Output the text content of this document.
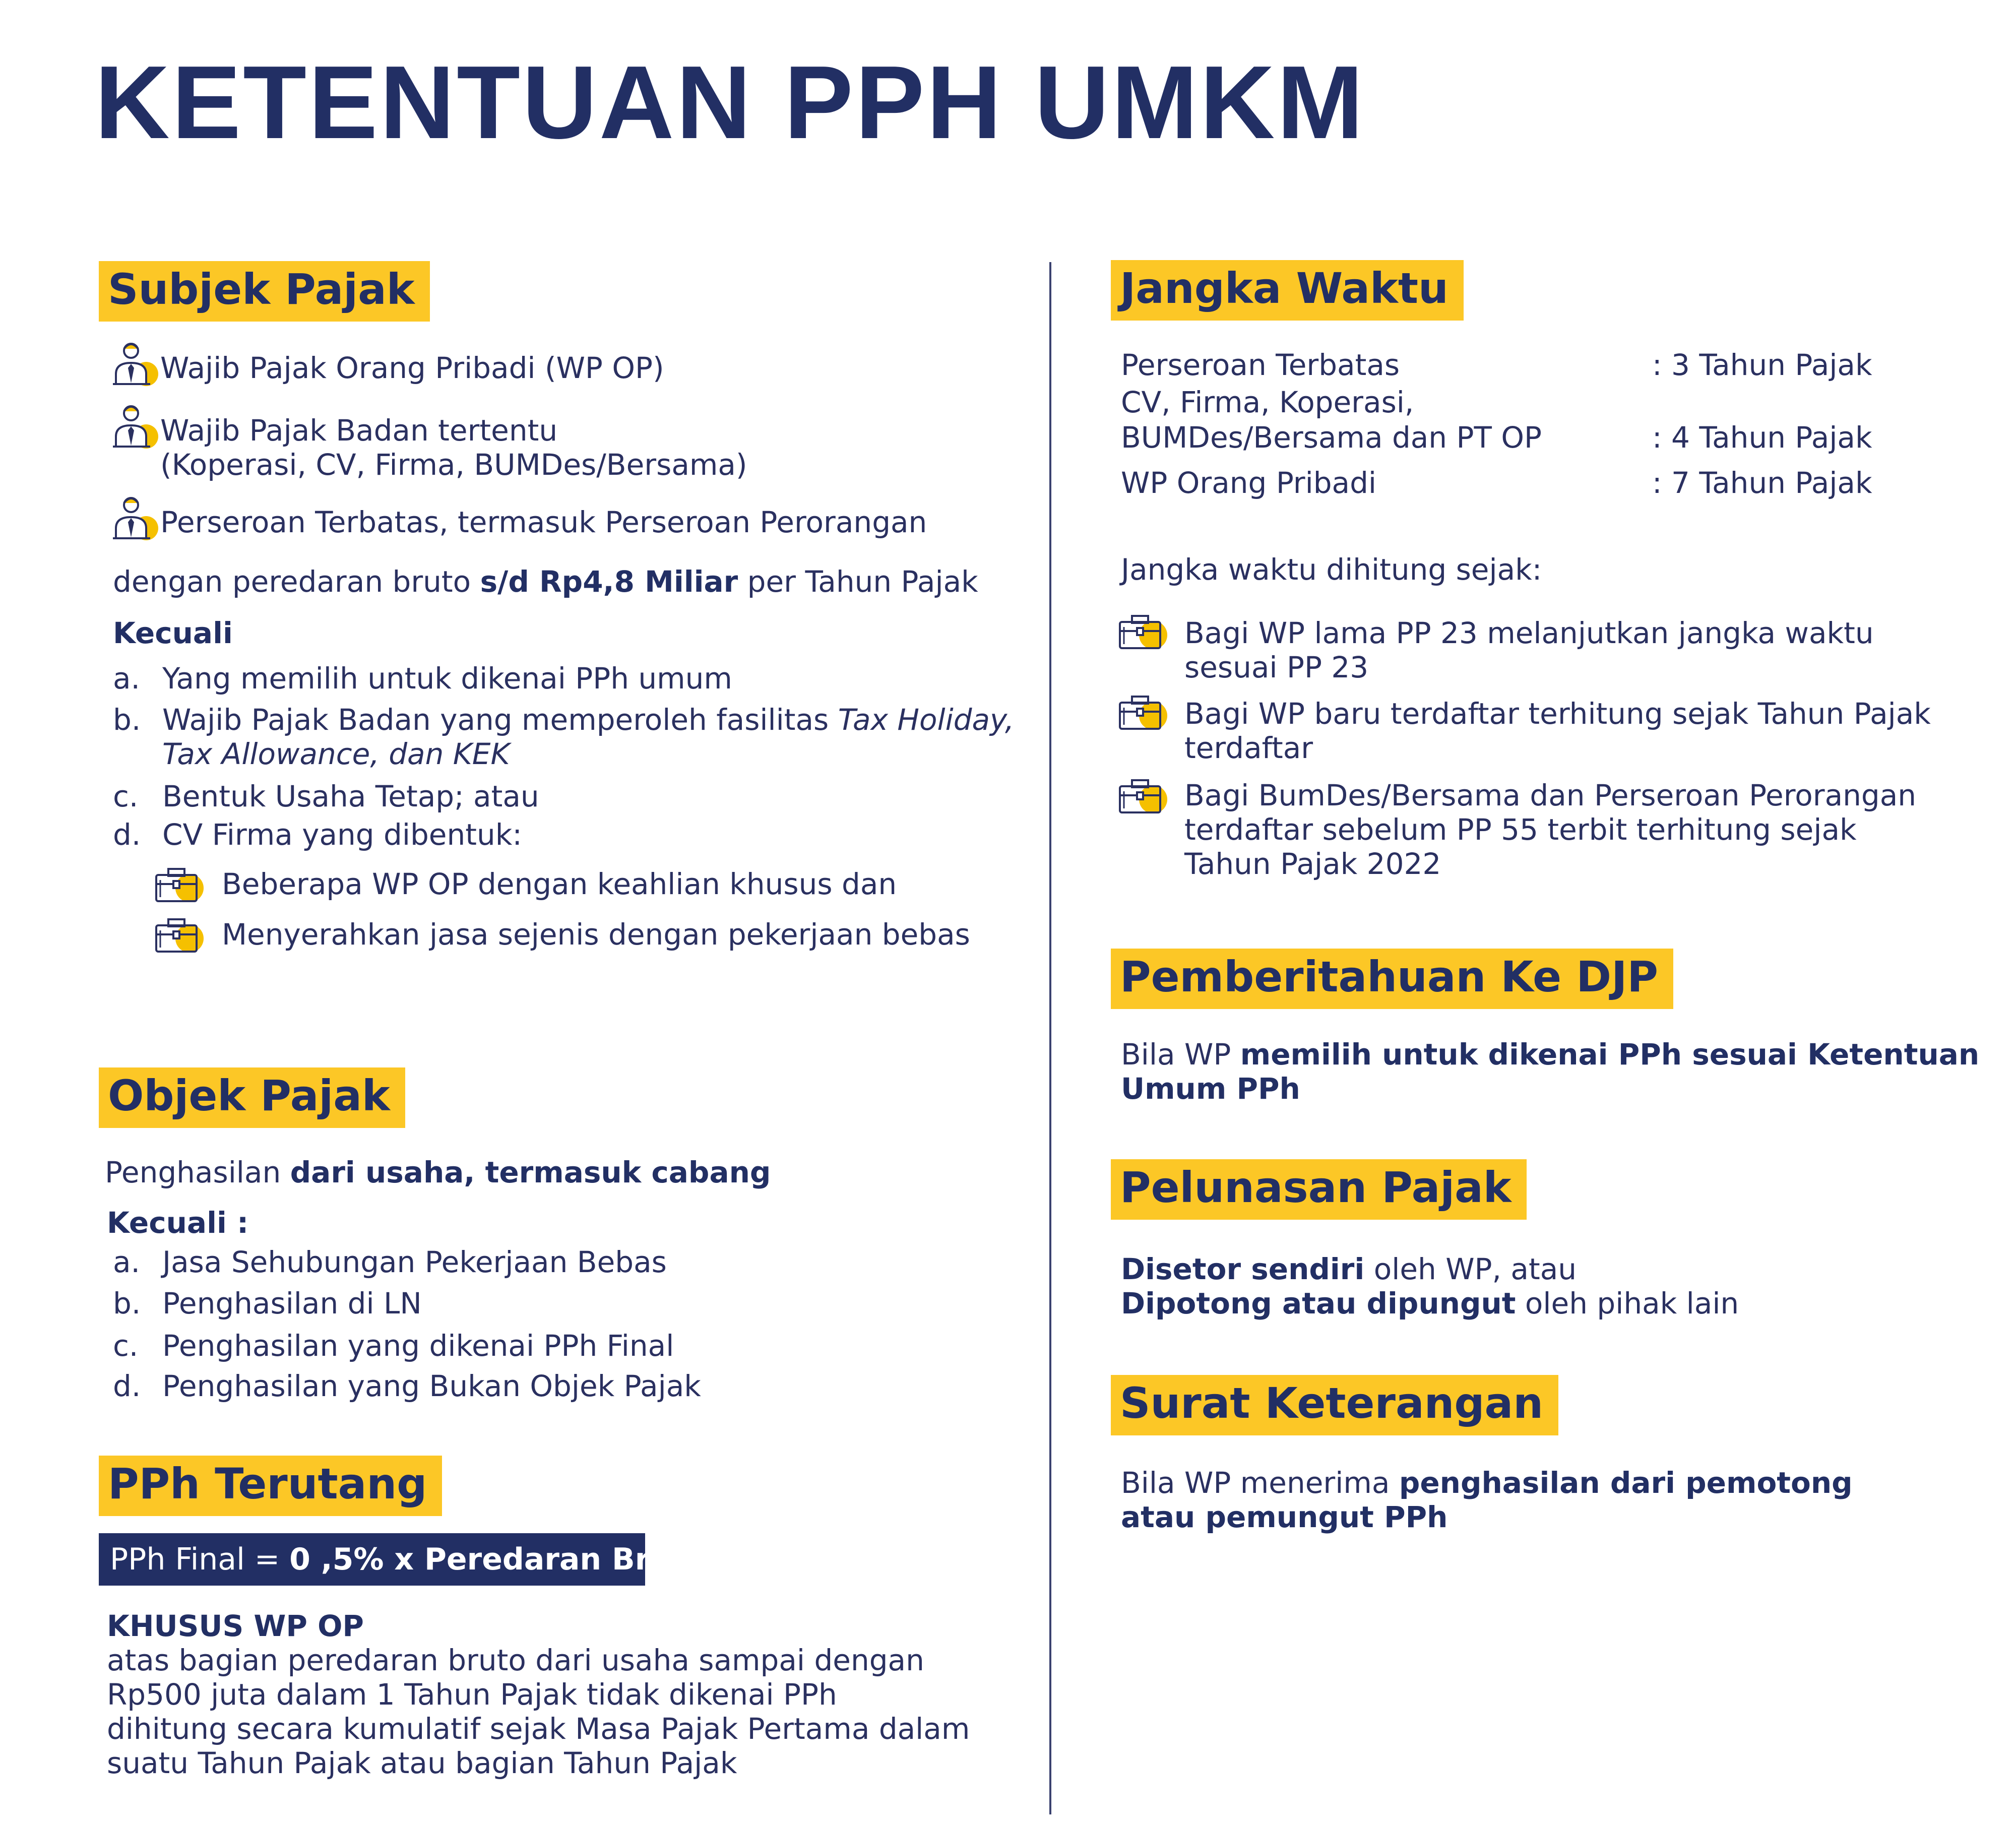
KETENTUAN PPH UMKM
Subjek Pajak
Wajib Pajak Orang Pribadi (WP OP)
Wajib Pajak Badan tertentu
(Koperasi, CV, Firma, BUMDes/Bersama)
Perseroan Terbatas, termasuk Perseroan Perorangan
dengan peredaran bruto s/d Rp4,8 Miliar per Tahun Pajak
Kecuali
a. Yang memilih untuk dikenai PPh umum
b. Wajib Pajak Badan yang memperoleh fasilitas Tax Holiday,
Tax Allowance, dan KEK
c. Bentuk Usaha Tetap; atau
d. CV Firma yang dibentuk:
Beberapa WP OP dengan keahlian khusus dan
Menyerahkan jasa sejenis dengan pekerjaan bebas
Objek Pajak
Penghasilan dari usaha, termasuk cabang
Kecuali :
a. Jasa Sehubungan Pekerjaan Bebas
b. Penghasilan di LN
c. Penghasilan yang dikenai PPh Final
d. Penghasilan yang Bukan Objek Pajak
PPh Terutang
PPh Final = 0 ,5% x Peredaran Bruto
KHUSUS WP OP
atas bagian peredaran bruto dari usaha sampai dengan
Rp500 juta dalam 1 Tahun Pajak tidak dikenai PPh
dihitung secara kumulatif sejak Masa Pajak Pertama dalam
suatu Tahun Pajak atau bagian Tahun Pajak
Jangka Waktu
Perseroan Terbatas	: 3 Tahun Pajak
CV, Firma, Koperasi,
BUMDes/Bersama dan PT OP	: 4 Tahun Pajak
WP Orang Pribadi	: 7 Tahun Pajak
Jangka waktu dihitung sejak:
Bagi WP lama PP 23 melanjutkan jangka waktu
sesuai PP 23
Bagi WP baru terdaftar terhitung sejak Tahun Pajak
terdaftar
Bagi BumDes/Bersama dan Perseroan Perorangan
terdaftar sebelum PP 55 terbit terhitung sejak
Tahun Pajak 2022
Pemberitahuan Ke DJP
Bila WP memilih untuk dikenai PPh sesuai Ketentuan
Umum PPh
Pelunasan Pajak
Disetor sendiri oleh WP, atau
Dipotong atau dipungut oleh pihak lain
Surat Keterangan
Bila WP menerima penghasilan dari pemotong
atau pemungut PPh
